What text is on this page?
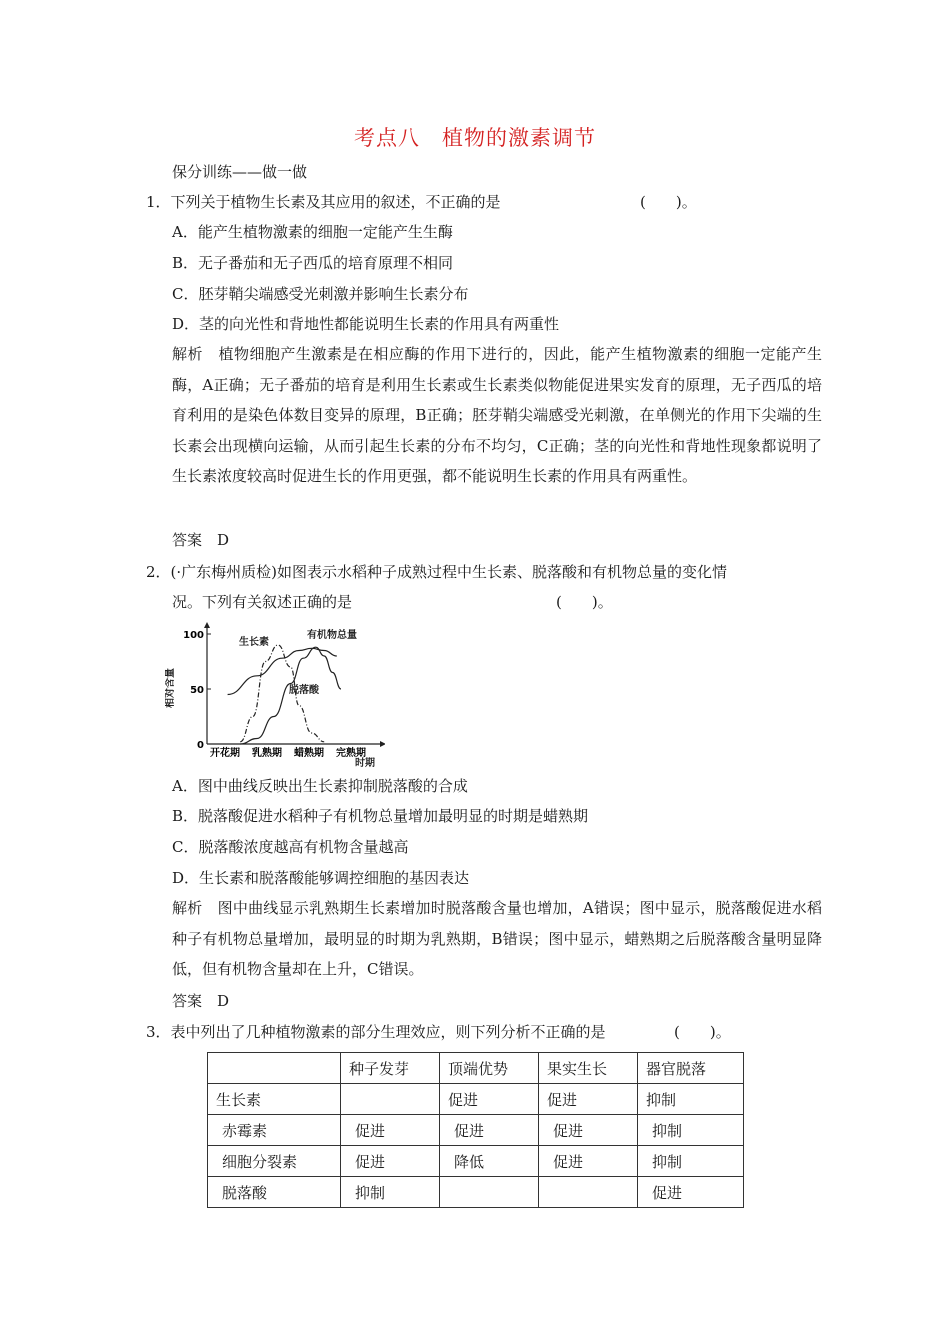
考点八　植物的激素调节
保分训练——做一做
1．下列关于植物生长素及其应用的叙述，不正确的是	(　　)。
A．能产生植物激素的细胞一定能产生生酶
B．无子番茄和无子西瓜的培育原理不相同
C．胚芽鞘尖端感受光刺激并影响生长素分布
D．茎的向光性和背地性都能说明生长素的作用具有两重性
解析　植物细胞产生激素是在相应酶的作用下进行的，因此，能产生植物激素的细胞一定能产生酶，A正确；无子番茄的培育是利用生长素或生长素类似物能促进果实发育的原理，无子西瓜的培育利用的是染色体数目变异的原理，B正确；胚芽鞘尖端感受光刺激，在单侧光的作用下尖端的生长素会出现横向运输，从而引起生长素的分布不均匀，C正确；茎的向光性和背地性现象都说明了生长素浓度较高时促进生长的作用更强，都不能说明生长素的作用具有两重性。
答案　D
2．(·广东梅州质检)如图表示水稻种子成熟过程中生长素、脱落酸和有机物总量的变化情
况。下列有关叙述正确的是	(　　)。
100
50
0
开花期 乳熟期 蜡熟期 完熟期
相对含量
时期
生长素
有机物总量
脱落酸
A．图中曲线反映出生长素抑制脱落酸的合成
B．脱落酸促进水稻种子有机物总量增加最明显的时期是蜡熟期
C．脱落酸浓度越高有机物含量越高
D．生长素和脱落酸能够调控细胞的基因表达
解析　图中曲线显示乳熟期生长素增加时脱落酸含量也增加，A错误；图中显示，脱落酸促进水稻种子有机物总量增加，最明显的时期为乳熟期，B错误；图中显示，蜡熟期之后脱落酸含量明显降低，但有机物含量却在上升，C错误。
答案　D
3．表中列出了几种植物激素的部分生理效应，则下列分析不正确的是	(　　)。
	种子发芽	顶端优势	果实生长	器官脱落
生长素		促进	促进	抑制
赤霉素	促进	促进	促进	抑制
细胞分裂素	促进	降低	促进	抑制
脱落酸	抑制			促进
